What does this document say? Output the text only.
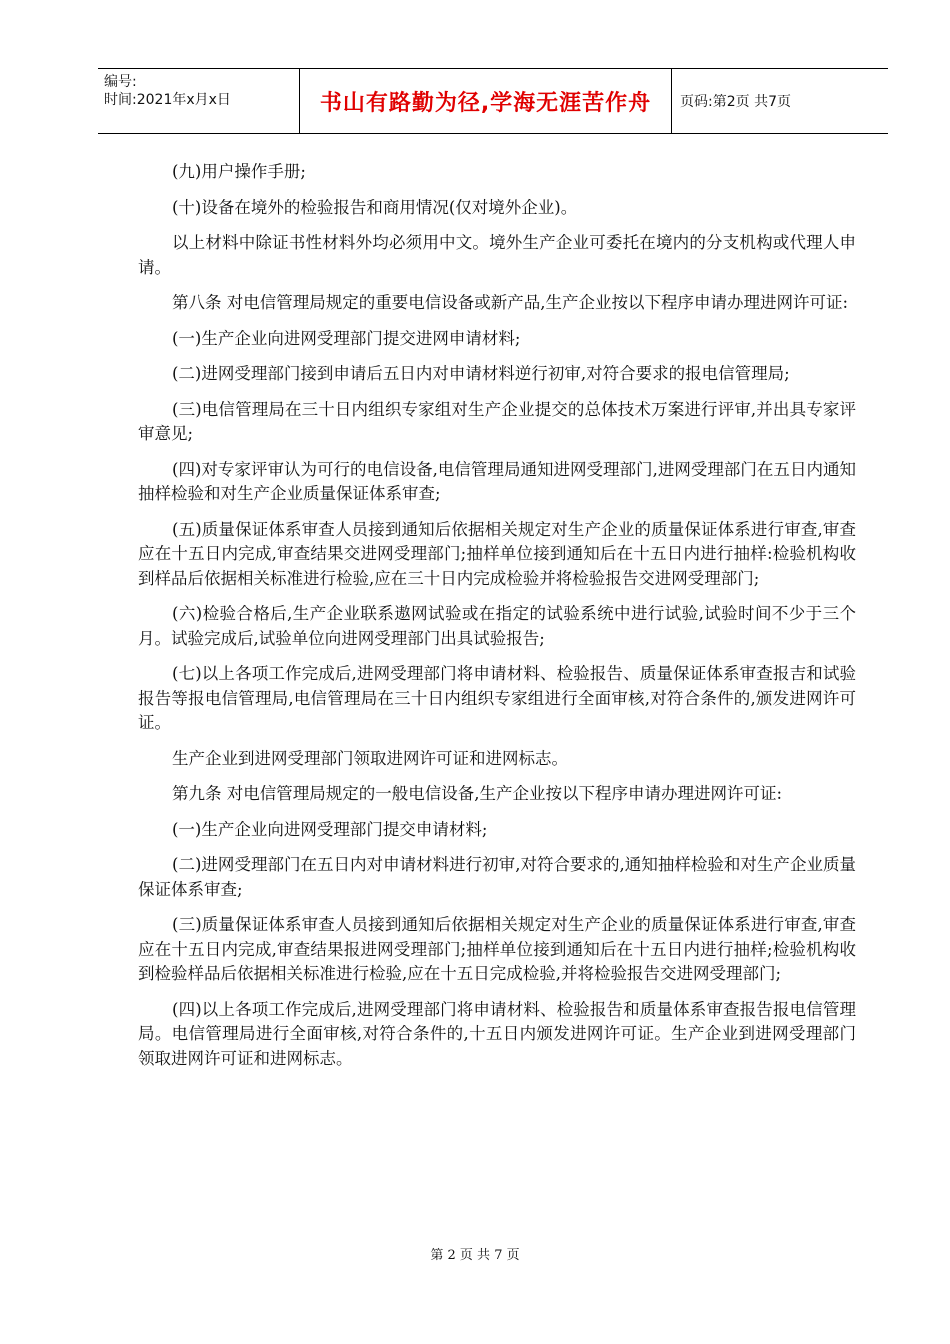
编号:
时间:2021年x月x日	书山有路勤为径,学海无涯苦作舟 页码:第2页 共7页

(九)用户操作手册;

(十)设备在境外的检验报告和商用情况(仅对境外企业)。

以上材料中除证书性材料外均必须用中文。境外生产企业可委托在境内的分支机构或代理人申请。

第八条 对电信管理局规定的重要电信设备或新产品,生产企业按以下程序申请办理进网许可证:

(一)生产企业向进网受理部门提交进网申请材料;

(二)进网受理部门接到申请后五日内对申请材料逆行初审,对符合要求的报电信管理局;

(三)电信管理局在三十日内组织专家组对生产企业提交的总体技术万案进行评审,并出具专家评审意见;

(四)对专家评审认为可行的电信设备,电信管理局通知进网受理部门,进网受理部门在五日内通知抽样检验和对生产企业质量保证体系审查;

(五)质量保证体系审查人员接到通知后依据相关规定对生产企业的质量保证体系进行审查,审查应在十五日内完成,审查结果交进网受理部门;抽样单位接到通知后在十五日内进行抽样:检验机构收到样品后依据相关标准进行检验,应在三十日内完成检验并将检验报告交进网受理部门;

(六)检验合格后,生产企业联系遨网试验或在指定的试验系统中进行试验,试验时间不少于三个月。试验完成后,试验单位向进网受理部门出具试验报告;

(七)以上各项工作完成后,进网受理部门将申请材料、检验报告、质量保证体系审查报吉和试验报告等报电信管理局,电信管理局在三十日内组织专家组进行全面审核,对符合条件的,颁发进网许可证。

生产企业到进网受理部门领取进网许可证和进网标志。

第九条 对电信管理局规定的一般电信设备,生产企业按以下程序申请办理进网许可证:

(一)生产企业向进网受理部门提交申请材料;

(二)进网受理部门在五日内对申请材料进行初审,对符合要求的,通知抽样检验和对生产企业质量保证体系审查;

(三)质量保证体系审查人员接到通知后依据相关规定对生产企业的质量保证体系进行审查,审查应在十五日内完成,审查结果报进网受理部门;抽样单位接到通知后在十五日内进行抽样;检验机构收到检验样品后依据相关标准进行检验,应在十五日完成检验,并将检验报告交进网受理部门;

(四)以上各项工作完成后,进网受理部门将申请材料、检验报告和质量体系审查报告报电信管理局。电信管理局进行全面审核,对符合条件的,十五日内颁发进网许可证。生产企业到进网受理部门领取进网许可证和进网标志。

第 2 页 共 7 页
